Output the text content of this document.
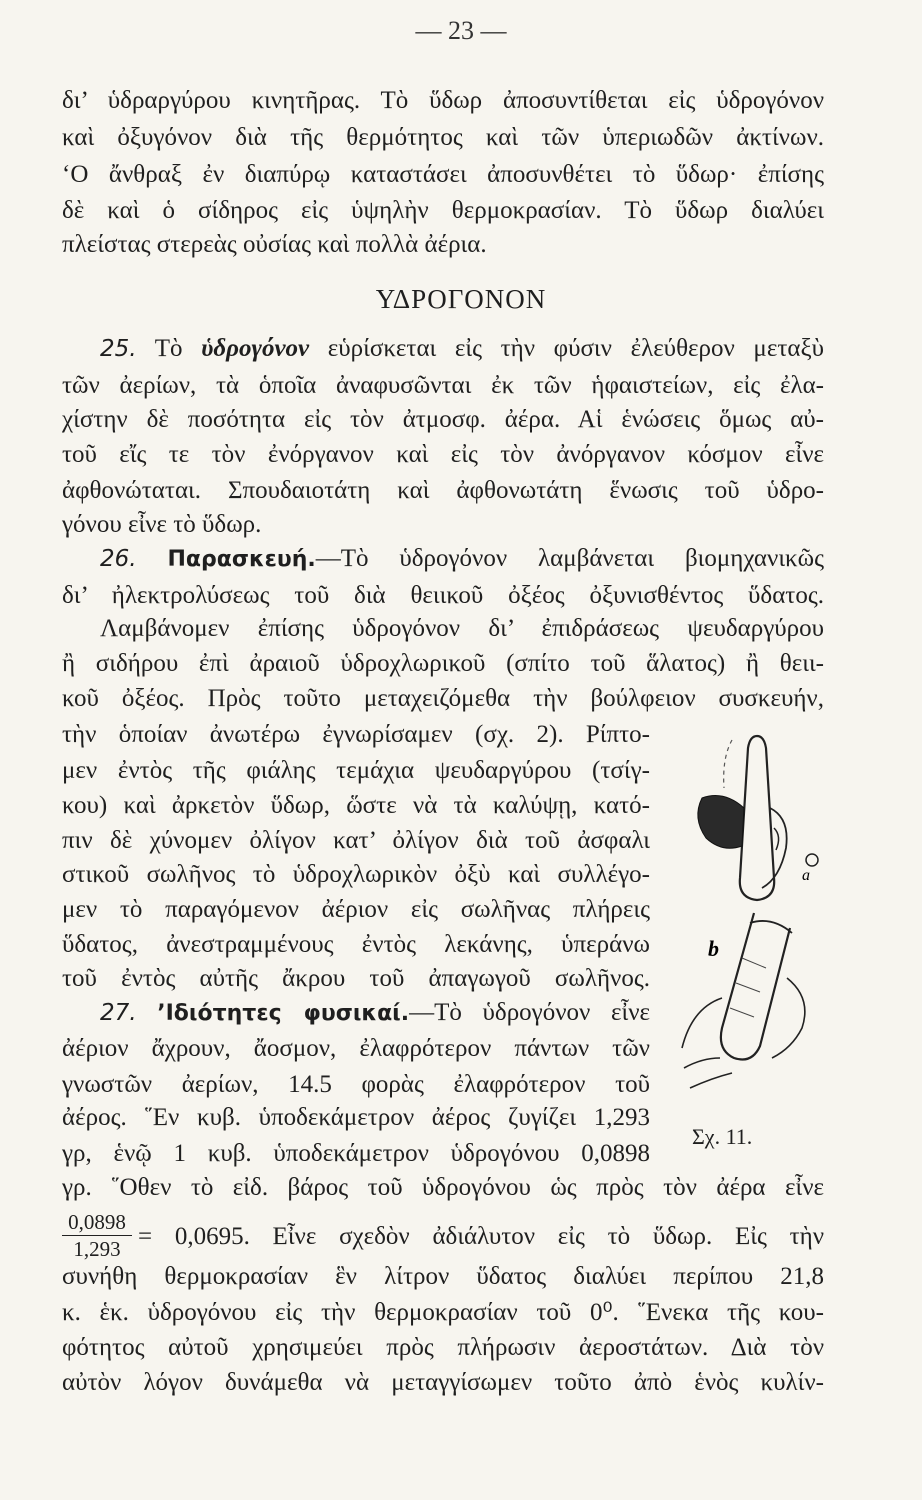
— 23 —
δι’ ὑδραργύρου κινητῆρας. Τὸ ὕδωρ ἀποσυντίθεται εἰς ὑδρογόνον
καὶ ὀξυγόνον διὰ τῆς θερμότητος καὶ τῶν ὑπεριωδῶν ἀκτίνων.
‘Ο ἄνθραξ ἐν διαπύρῳ καταστάσει ἀποσυνθέτει τὸ ὕδωρ· ἐπίσης
δὲ καὶ ὁ σίδηρος εἰς ὑψηλὴν θερμοκρασίαν. Τὸ ὕδωρ διαλύει
πλείστας στερεὰς οὐσίας καὶ πολλὰ ἀέρια.
ΥΔΡΟΓΟΝΟΝ
25. Τὸ ὑδρογόνον εὑρίσκεται εἰς τὴν φύσιν ἐλεύθερον μεταξὺ
τῶν ἀερίων, τὰ ὁποῖα ἀναφυσῶνται ἐκ τῶν ἡφαιστείων, εἰς ἐλα-
χίστην δὲ ποσότητα εἰς τὸν ἀτμοσφ. ἀέρα. Αἱ ἑνώσεις ὅμως αὐ-
τοῦ εἴς τε τὸν ἐνόργανον καὶ εἰς τὸν ἀνόργανον κόσμον εἶνε
ἀφθονώταται. Σπουδαιοτάτη καὶ ἀφθονωτάτη ἕνωσις τοῦ ὑδρο-
γόνου εἶνε τὸ ὕδωρ.
26. Παρασκευή.—Τὸ ὑδρογόνον λαμβάνεται βιομηχανικῶς
δι’ ἠλεκτρολύσεως τοῦ διὰ θειικοῦ ὀξέος ὀξυνισθέντος ὕδατος.
Λαμβάνομεν ἐπίσης ὑδρογόνον δι’ ἐπιδράσεως ψευδαργύρου
ἢ σιδήρου ἐπὶ ἀραιοῦ ὑδροχλωρικοῦ (σπίτο τοῦ ἅλατος) ἢ θειι-
κοῦ ὀξέος. Πρὸς τοῦτο μεταχειζόμεθα τὴν βούλφειον συσκευήν,
τὴν ὁποίαν ἀνωτέρω ἐγνωρίσαμεν (σχ. 2). Ρίπτο-
μεν ἐντὸς τῆς φιάλης τεμάχια ψευδαργύρου (τσίγ-
κου) καὶ ἀρκετὸν ὕδωρ, ὥστε νὰ τὰ καλύψῃ, κατό-
πιν δὲ χύνομεν ὀλίγον κατ’ ὀλίγον διὰ τοῦ ἀσφαλι
στικοῦ σωλῆνος τὸ ὑδροχλωρικὸν ὀξὺ καὶ συλλέγο-
μεν τὸ παραγόμενον ἀέριον εἰς σωλῆνας πλήρεις
ὕδατος, ἀνεστραμμένους ἐντὸς λεκάνης, ὑπεράνω
τοῦ ἐντὸς αὐτῆς ἄκρου τοῦ ἀπαγωγοῦ σωλῆνος.
27. ’Ιδιότητες φυσικαί.—Τὸ ὑδρογόνον εἶνε
ἀέριον ἄχρουν, ἄοσμον, ἐλαφρότερον πάντων τῶν
γνωστῶν ἀερίων, 14.5 φορὰς ἐλαφρότερον τοῦ
ἀέρος. ῞Εν κυβ. ὑποδεκάμετρον ἀέρος ζυγίζει 1,293
γρ, ἑνῷ 1 κυβ. ὑποδεκάμετρον ὑδρογόνου 0,0898
γρ. ῞Οθεν τὸ εἰδ. βάρος τοῦ ὑδρογόνου ὡς πρὸς τὸν ἀέρα εἶνε
0,0898
1,293 = 0,0695. Εἶνε σχεδὸν ἀδιάλυτον εἰς τὸ ὕδωρ. Εἰς τὴν
συνήθη θερμοκρασίαν ἓν λίτρον ὕδατος διαλύει περίπου 21,8
κ. ἑκ. ὑδρογόνου εἰς τὴν θερμοκρασίαν τοῦ 0⁰. ῞Ενεκα τῆς κου-
φότητος αὐτοῦ χρησιμεύει πρὸς πλήρωσιν ἀεροστάτων. Διὰ τὸν
αὐτὸν λόγον δυνάμεθα νὰ μεταγγίσωμεν τοῦτο ἀπὸ ἑνὸς κυλίν-
a
b
Σχ. 11.
